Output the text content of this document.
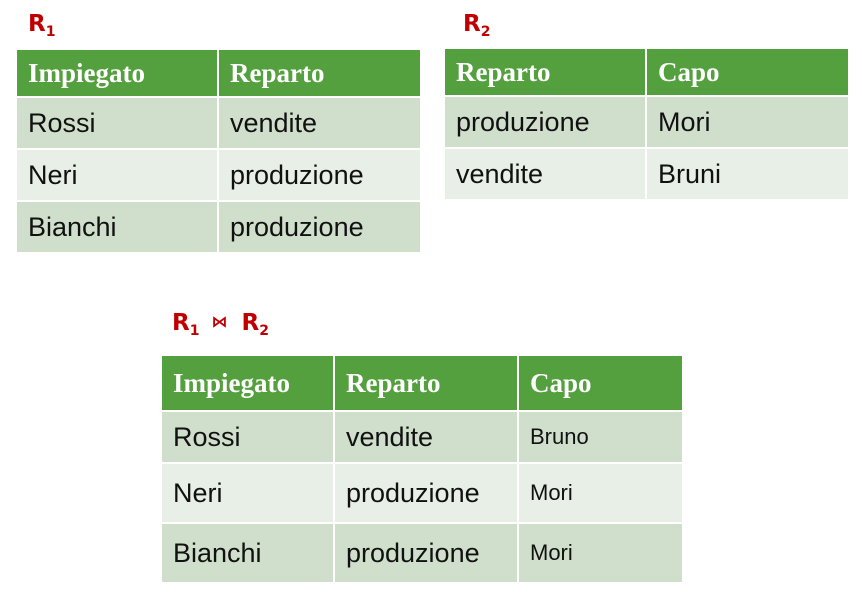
$R_1$
Impiegato	Reparto
Rossi	vendite
Neri	produzione
Bianchi	produzione
$R_2$
Reparto	Capo
produzione	Mori
vendite	Bruni
$R_1$ ⋈ $R_2$
Impiegato	Reparto	Capo
Rossi	vendite	Bruno
Neri	produzione	Mori
Bianchi	produzione	Mori
